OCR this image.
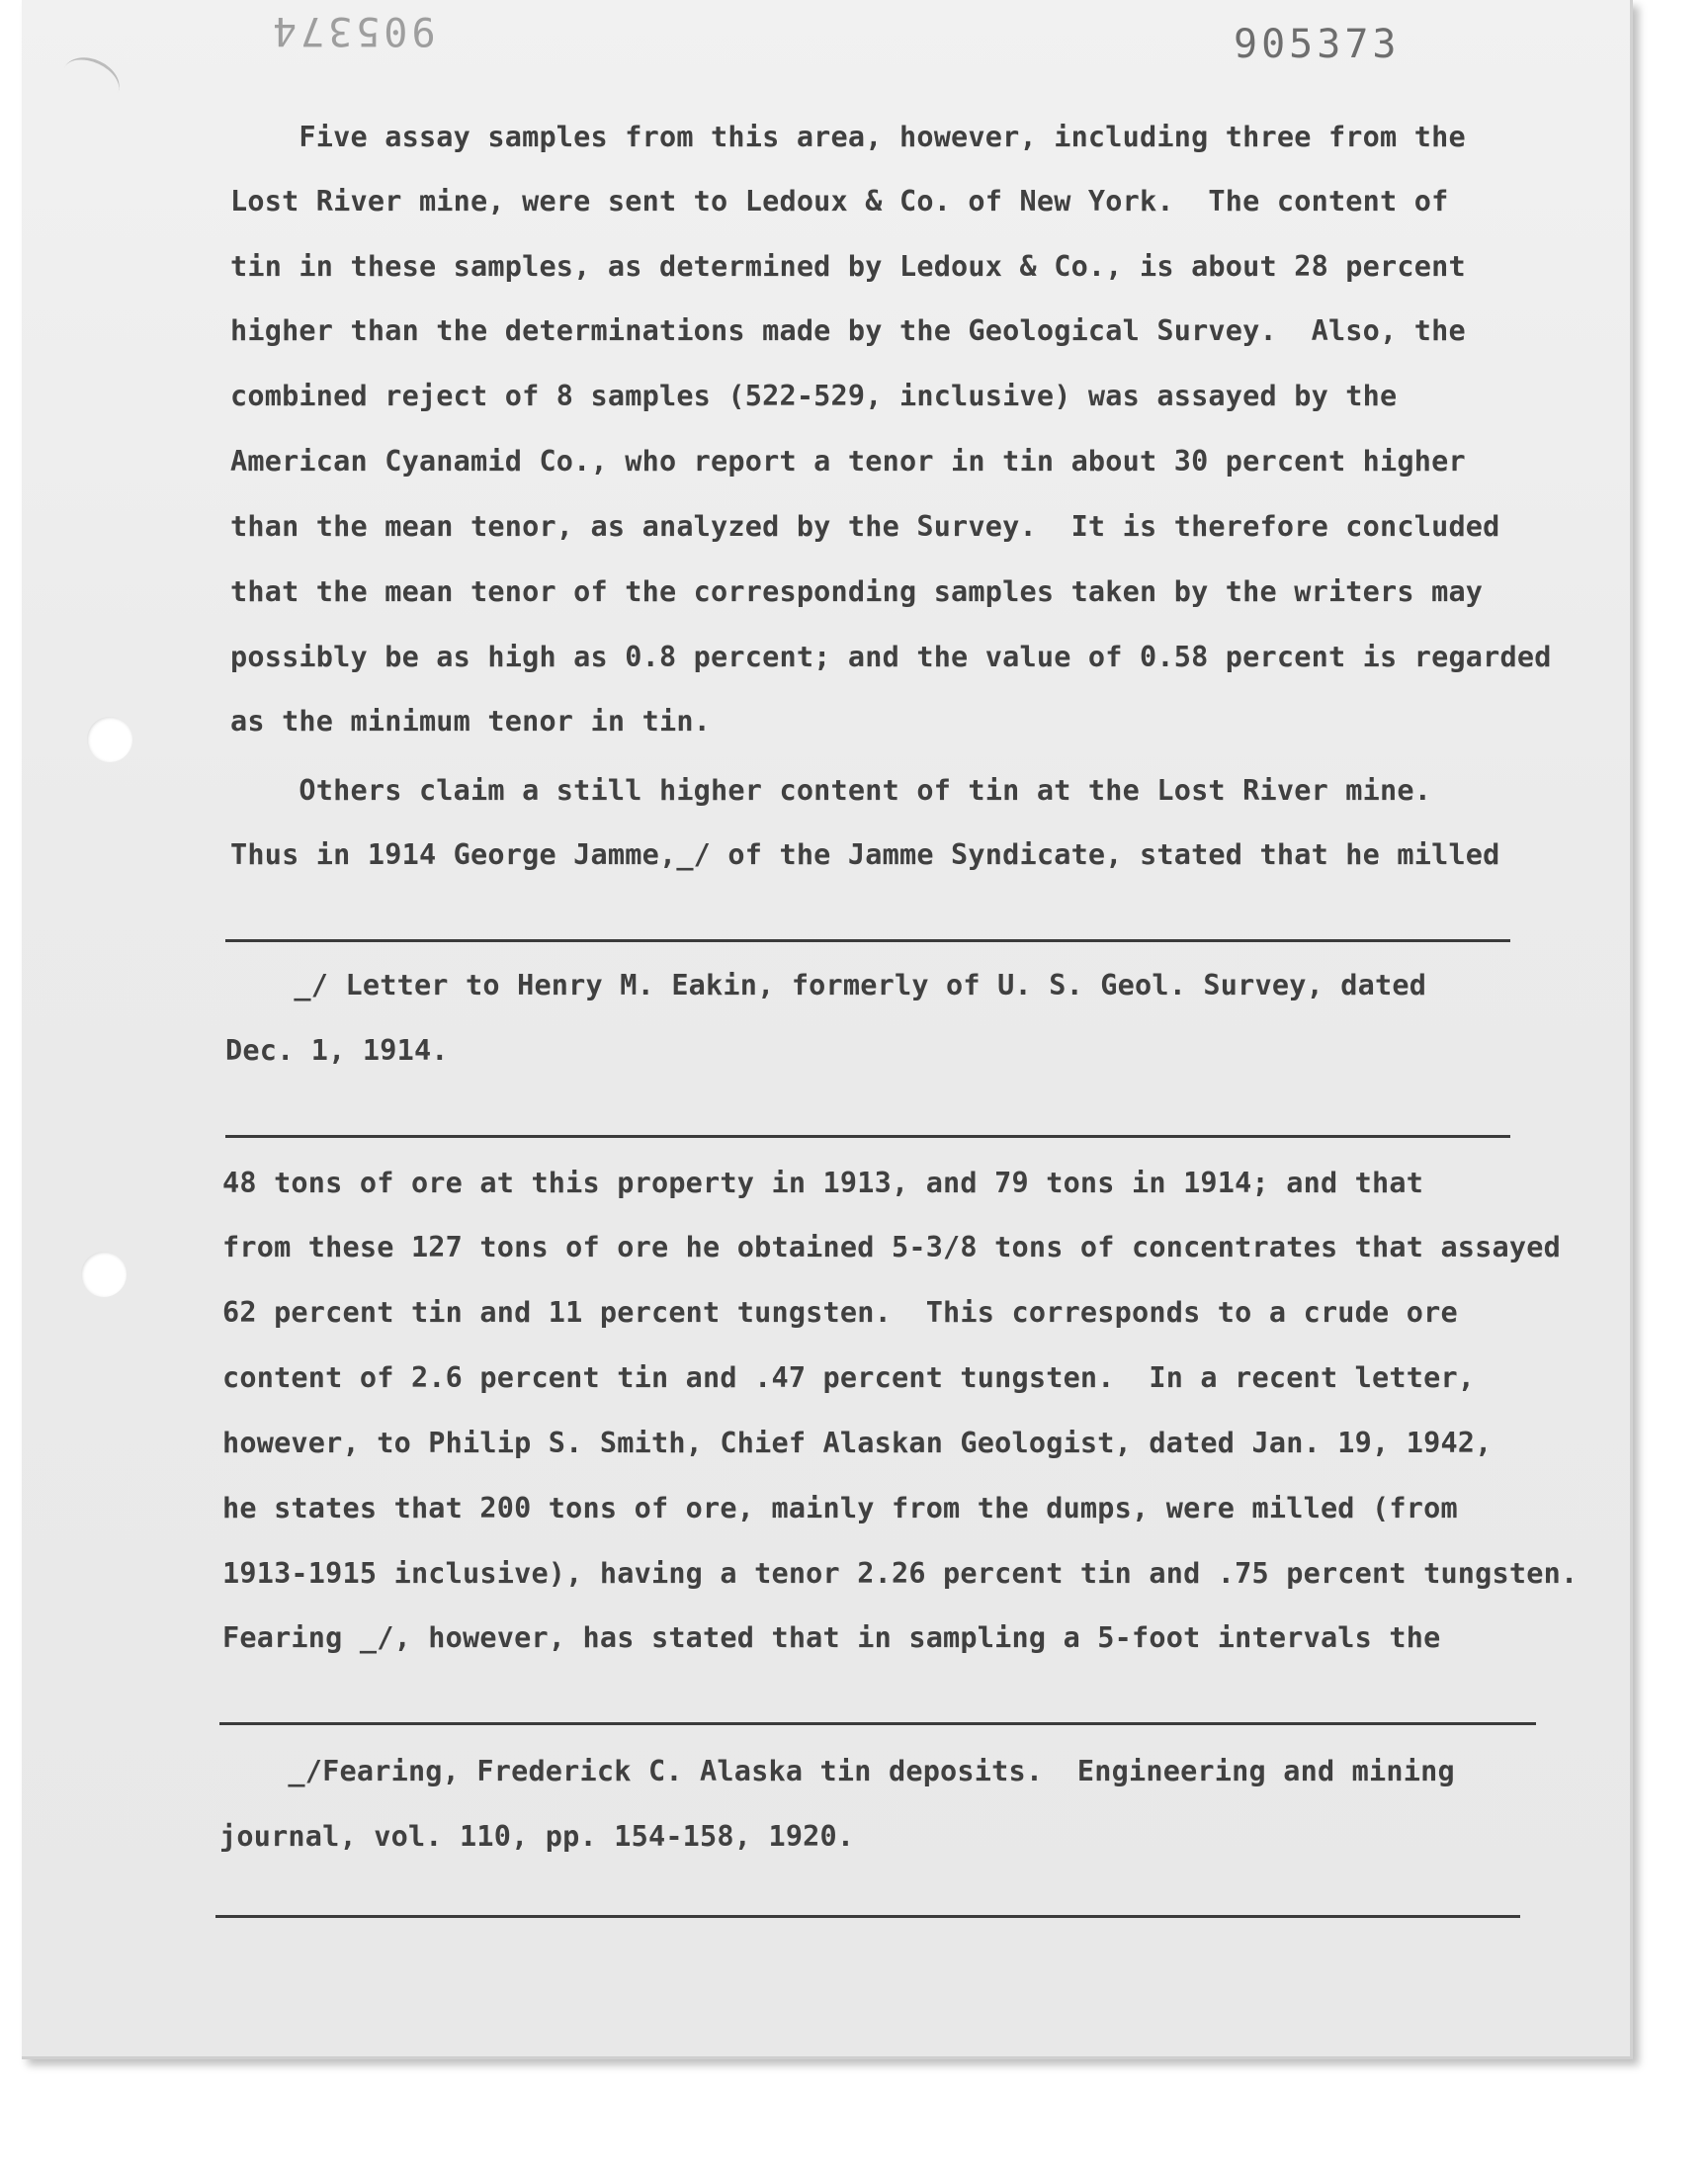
905374	905373
Five assay samples from this area, however, including three from the
Lost River mine, were sent to Ledoux & Co. of New York.  The content of
tin in these samples, as determined by Ledoux & Co., is about 28 percent
higher than the determinations made by the Geological Survey.  Also, the
combined reject of 8 samples (522-529, inclusive) was assayed by the
American Cyanamid Co., who report a tenor in tin about 30 percent higher
than the mean tenor, as analyzed by the Survey.  It is therefore concluded
that the mean tenor of the corresponding samples taken by the writers may
possibly be as high as 0.8 percent; and the value of 0.58 percent is regarded
as the minimum tenor in tin.
Others claim a still higher content of tin at the Lost River mine.
Thus in 1914 George Jamme,_/ of the Jamme Syndicate, stated that he milled
_/ Letter to Henry M. Eakin, formerly of U. S. Geol. Survey, dated
Dec. 1, 1914.
48 tons of ore at this property in 1913, and 79 tons in 1914; and that
from these 127 tons of ore he obtained 5-3/8 tons of concentrates that assayed
62 percent tin and 11 percent tungsten.  This corresponds to a crude ore
content of 2.6 percent tin and .47 percent tungsten.  In a recent letter,
however, to Philip S. Smith, Chief Alaskan Geologist, dated Jan. 19, 1942,
he states that 200 tons of ore, mainly from the dumps, were milled (from
1913-1915 inclusive), having a tenor 2.26 percent tin and .75 percent tungsten.
Fearing _/, however, has stated that in sampling a 5-foot intervals the
_/Fearing, Frederick C. Alaska tin deposits.  Engineering and mining
journal, vol. 110, pp. 154-158, 1920.
